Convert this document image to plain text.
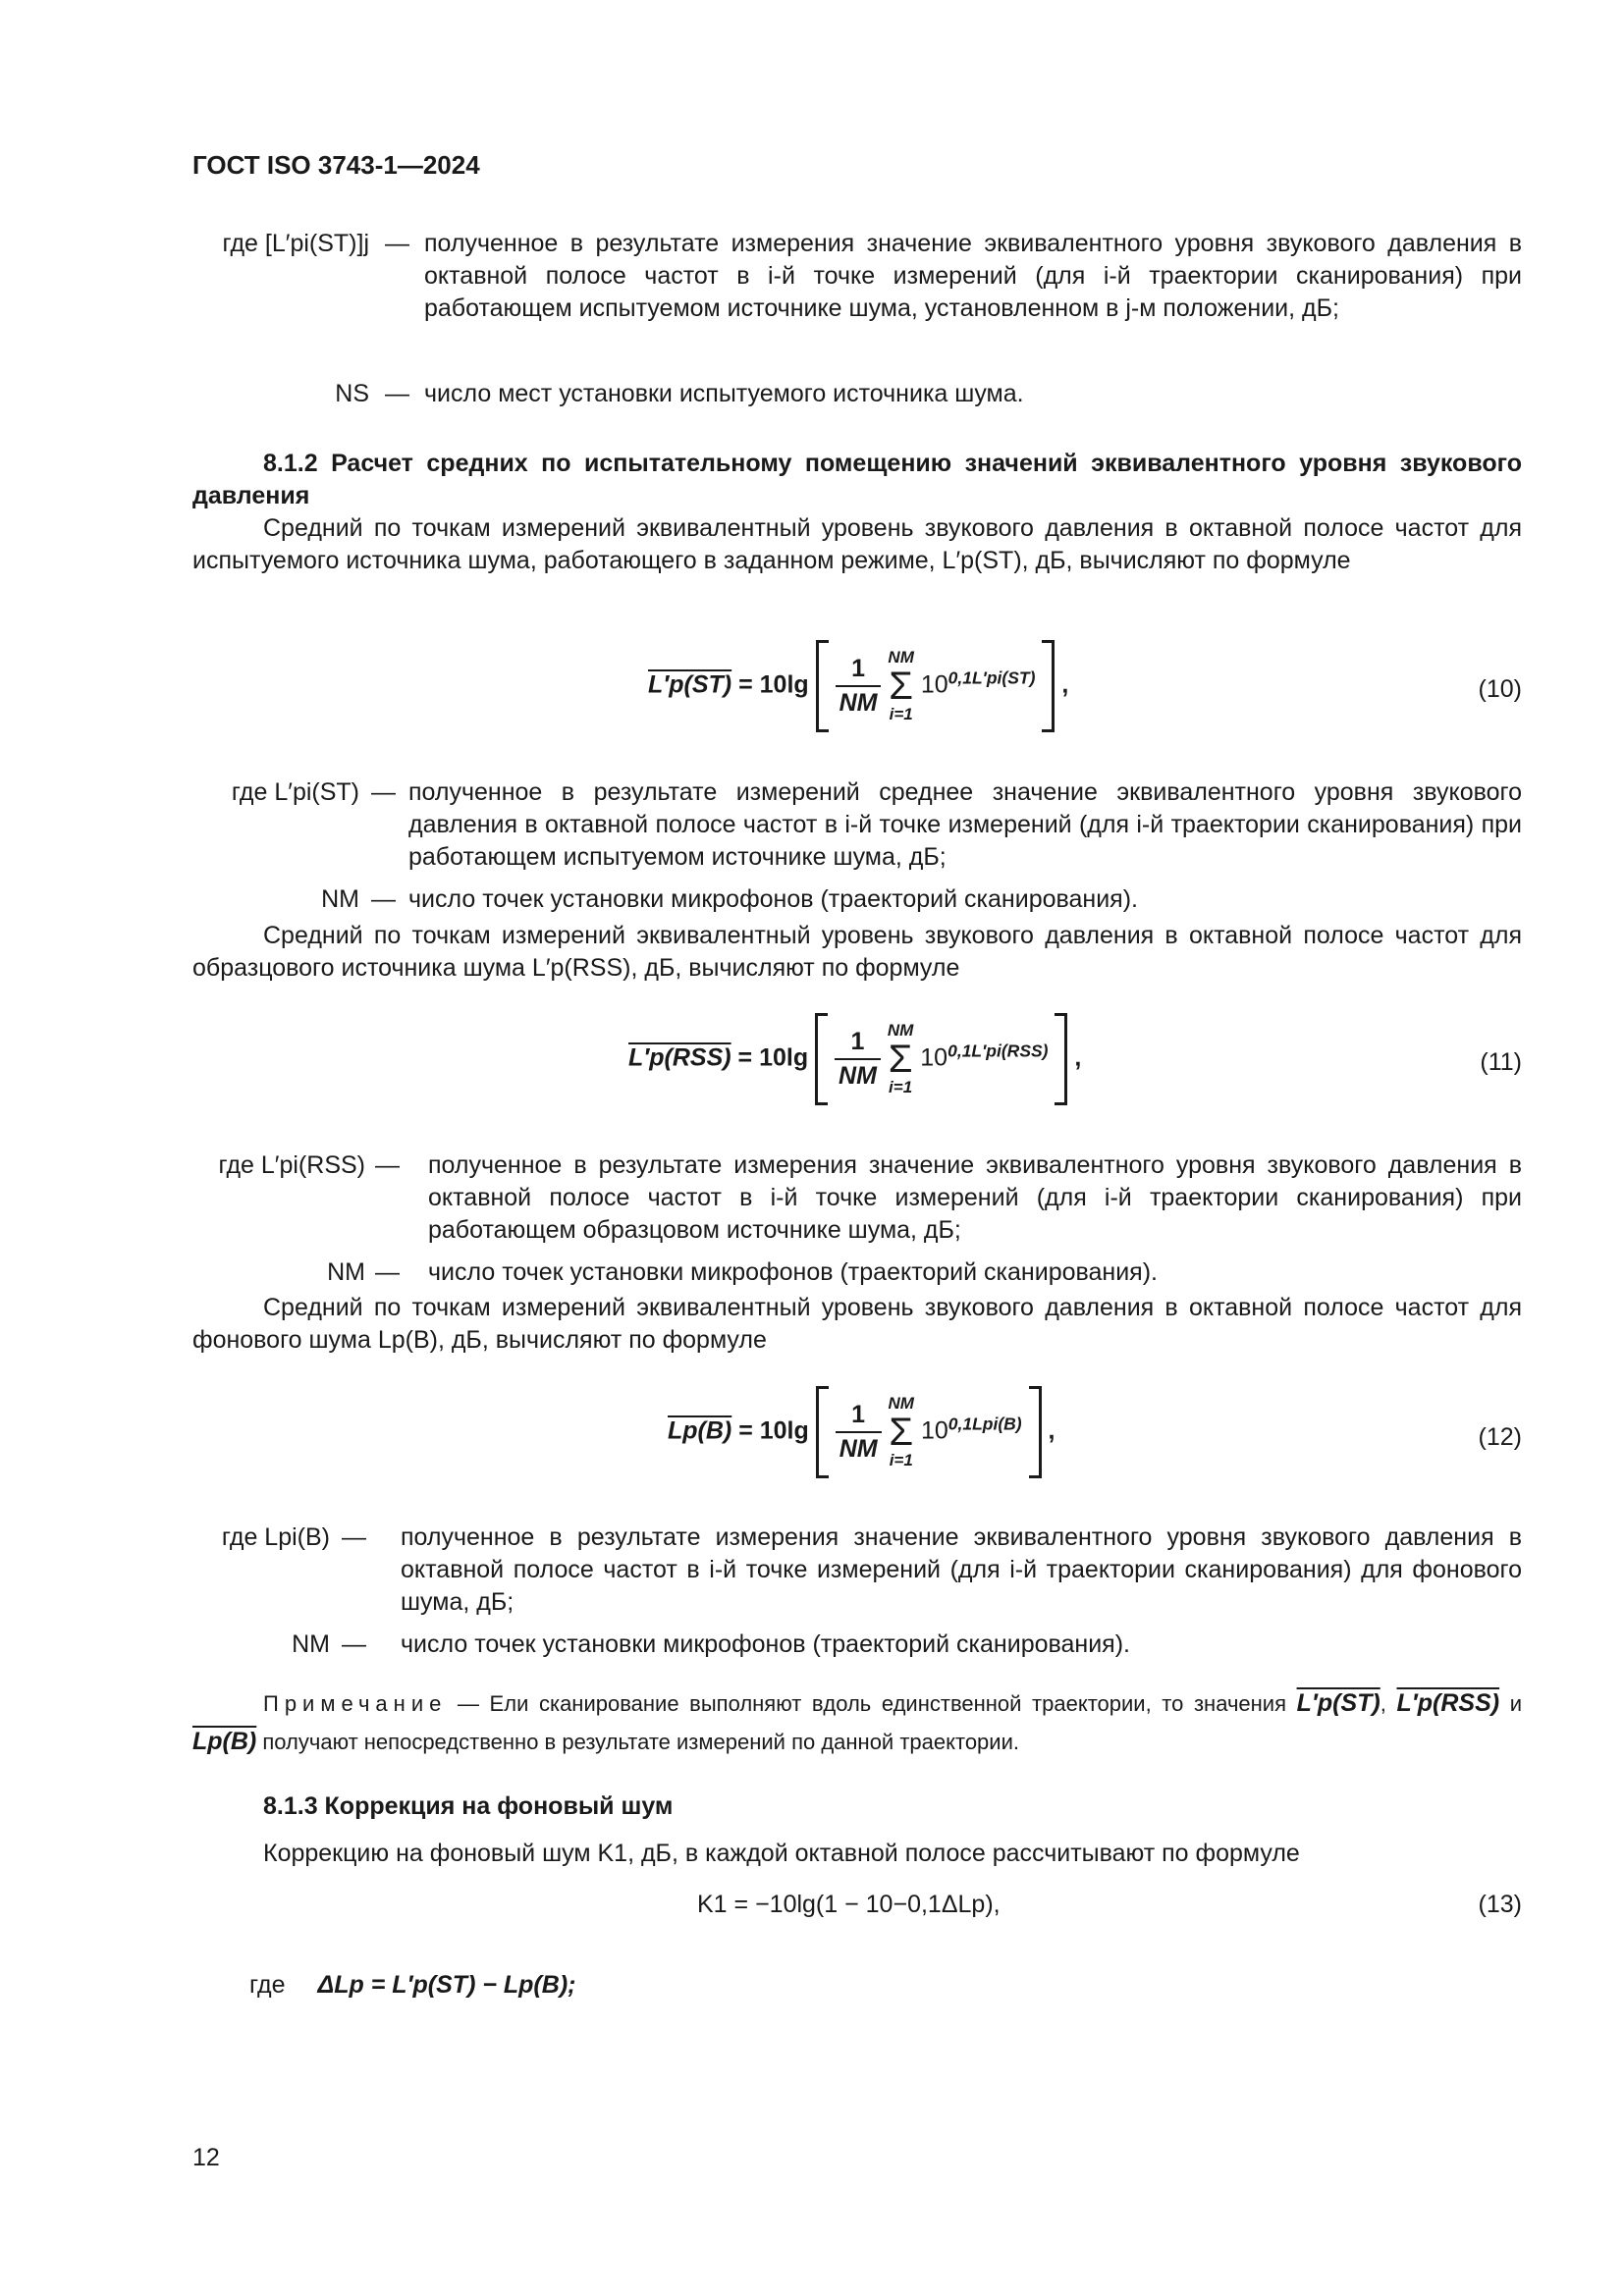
ГОСТ ISO 3743-1—2024
где [L′pi(ST)]j — полученное в результате измерения значение эквивалентного уровня звукового давления в октавной полосе частот в i-й точке измерений (для i-й траектории сканирования) при работающем испытуемом источнике шума, установленном в j-м положении, дБ;
NS — число мест установки испытуемого источника шума.
8.1.2 Расчет средних по испытательному помещению значений эквивалентного уровня звукового давления
Средний по точкам измерений эквивалентный уровень звукового давления в октавной полосе частот для испытуемого источника шума, работающего в заданном режиме, L′p(ST), дБ, вычисляют по формуле
$L'p(ST) = 10\lg \frac{1}{NM}$ NM
Σ
i=1 $10^{0,1L'pi(ST)}$ ,	(10)
где L′pi(ST) — полученное в результате измерений среднее значение эквивалентного уровня звукового давления в октавной полосе частот в i-й точке измерений (для i-й траектории сканирования) при работающем испытуемом источнике шума, дБ;
NM — число точек установки микрофонов (траекторий сканирования).
Средний по точкам измерений эквивалентный уровень звукового давления в октавной полосе частот для образцового источника шума L′p(RSS), дБ, вычисляют по формуле
$L'p(RSS) = 10\lg \frac{1}{NM}$ NM
Σ
i=1 $10^{0,1L'pi(RSS)}$ ,	(11)
где L′pi(RSS) — полученное в результате измерения значение эквивалентного уровня звукового давления в октавной полосе частот в i-й точке измерений (для i-й траектории сканирования) при работающем образцовом источнике шума, дБ;
NM — число точек установки микрофонов (траекторий сканирования).
Средний по точкам измерений эквивалентный уровень звукового давления в октавной полосе частот для фонового шума Lp(B), дБ, вычисляют по формуле
$Lp(B) = 10\lg \frac{1}{NM}$ NM
Σ
i=1 $10^{0,1Lpi(B)}$ ,	(12)
где Lpi(B) — полученное в результате измерения значение эквивалентного уровня звукового давления в октавной полосе частот в i-й точке измерений (для i-й траектории сканирования) для фонового шума, дБ;
NM — число точек установки микрофонов (траекторий сканирования).
Примечание — Ели сканирование выполняют вдоль единственной траектории, то значения L′p(ST), L′p(RSS) и Lp(B) получают непосредственно в результате измерений по данной траектории.
8.1.3 Коррекция на фоновый шум
Коррекцию на фоновый шум K1, дБ, в каждой октавной полосе рассчитывают по формуле
K1 = −10lg(1 − 10−0,1ΔLp),	(13)
где ΔLp = L′p(ST) − Lp(B);
12
